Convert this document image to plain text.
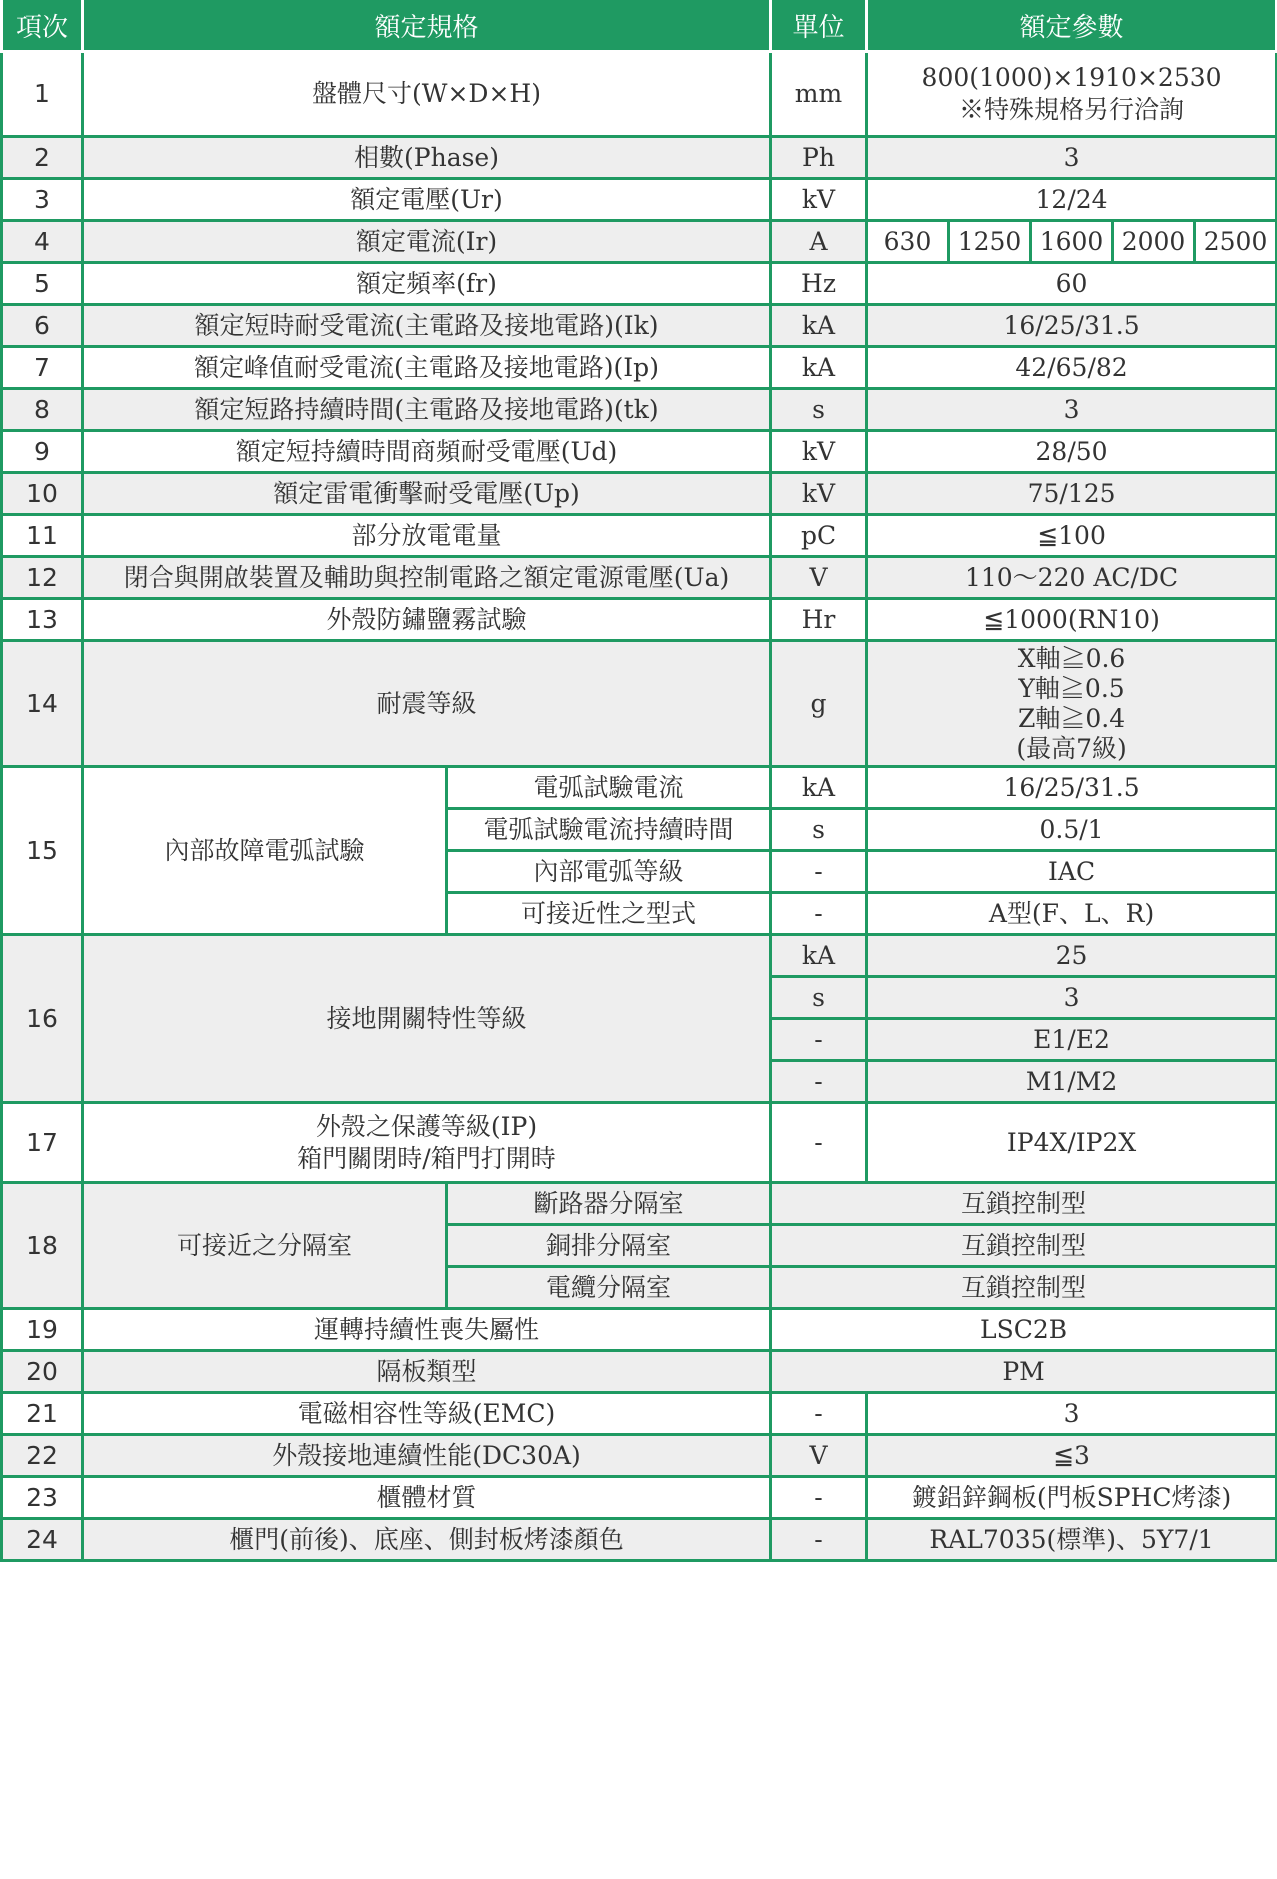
項次	額定規格		單位	額定參數				
1	盤體尺寸(W×D×H)		mm	800(1000)×1910×2530
※特殊規格另行洽詢				

2	相數(Phase)		Ph	3				
3	額定電壓(Ur)		kV	12/24				
4	額定電流(Ir)		A	630	1250	1600	2000	2500
5	額定頻率(fr)		Hz	60				
6	額定短時耐受電流(主電路及接地電路)(Ik)		kA	16/25/31.5				
7	額定峰值耐受電流(主電路及接地電路)(Ip)		kA	42/65/82				
8	額定短路持續時間(主電路及接地電路)(tk)		s	3				
9	額定短持續時間商頻耐受電壓(Ud)		kV	28/50				
10	額定雷電衝擊耐受電壓(Up)		kV	75/125				
11	部分放電電量		pC	≦100				
12	閉合與開啟裝置及輔助與控制電路之額定電源電壓(Ua)		V	110～220 AC/DC				
13	外殼防鏽鹽霧試驗		Hr	≦1000(RN10)				
14	耐震等級		g	X軸≧0.6
Y軸≧0.5
Z軸≧0.4
(最高7級)				

15	內部故障電弧試驗	電弧試驗電流	kA	16/25/31.5				
		電弧試驗電流持續時間	s	0.5/1				
		內部電弧等級	-	IAC				
		可接近性之型式	-	A型(F、L、R)				
16	接地開關特性等級		kA	25				
			s	3				
			-	E1/E2				
			-	M1/M2				
17	外殼之保護等級(IP)
箱門關閉時/箱門打開時		-	IP4X/IP2X				
18	可接近之分隔室	斷路器分隔室	互鎖控制型					
		銅排分隔室	互鎖控制型					
		電纜分隔室	互鎖控制型					
19	運轉持續性喪失屬性		LSC2B					
20	隔板類型		PM					
21	電磁相容性等級(EMC)		-	3				
22	外殼接地連續性能(DC30A)		V	≦3				
23	櫃體材質		-	鍍鋁鋅鋼板(門板SPHC烤漆)				
24	櫃門(前後)、底座、側封板烤漆顏色		-	RAL7035(標準)、5Y7/1				
